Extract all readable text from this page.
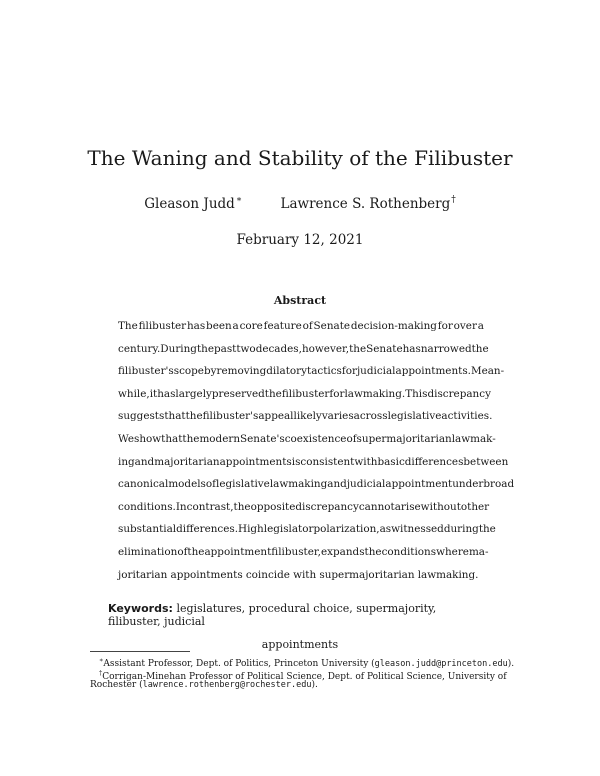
The Waning and Stability of the Filibuster
Gleason Judd∗	Lawrence S. Rothenberg†
February 12, 2021
Abstract
The filibuster has been a core feature of Senate decision-making for over a
century. During the past two decades, however, the Senate has narrowed the
filibuster's scope by removing dilatory tactics for judicial appointments. Mean-
while, it has largely preserved the filibuster for lawmaking. This discrepancy
suggests that the filibuster's appeal likely varies across legislative activities.
We show that the modern Senate's coexistence of supermajoritarian lawmak-
ing and majoritarian appointments is consistent with basic differences between
canonical models of legislative lawmaking and judicial appointment under broad
conditions. In contrast, the opposite discrepancy cannot arise without other
substantial differences. High legislator polarization, as witnessed during the
elimination of the appointment filibuster, expands the conditions where ma-
joritarian appointments coincide with supermajoritarian lawmaking.
Keywords: legislatures, procedural choice, supermajority, filibuster, judicial
appointments
∗Assistant Professor, Dept. of Politics, Princeton University (gleason.judd@princeton.edu).
†Corrigan-Minehan Professor of Political Science, Dept. of Political Science, University of
Rochester (lawrence.rothenberg@rochester.edu).
